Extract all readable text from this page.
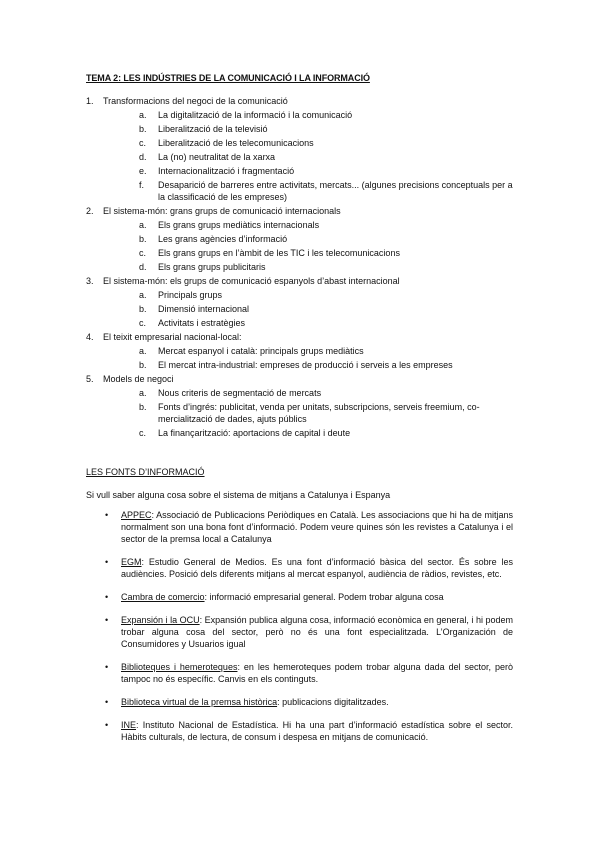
TEMA 2: LES INDÚSTRIES DE LA COMUNICACIÓ I LA INFORMACIÓ
1. Transformacions del negoci de la comunicació
a. La digitalització de la informació i la comunicació
b. Liberalització de la televisió
c. Liberalització de les telecomunicacions
d. La (no) neutralitat de la xarxa
e. Internacionalització i fragmentació
f. Desaparició de barreres entre activitats, mercats... (algunes precisions conceptuals per a la classificació de les empreses)
2. El sistema-món: grans grups de comunicació internacionals
a. Els grans grups mediàtics internacionals
b. Les grans agències d’informació
c. Els grans grups en l’àmbit de les TIC i les telecomunicacions
d. Els grans grups publicitaris
3. El sistema-món: els grups de comunicació espanyols d’abast internacional
a. Principals grups
b. Dimensió internacional
c. Activitats i estratègies
4. El teixit empresarial nacional-local:
a. Mercat espanyol i català: principals grups mediàtics
b. El mercat intra-industrial: empreses de producció i serveis a les empreses
5. Models de negoci
a. Nous criteris de segmentació de mercats
b. Fonts d’ingrés: publicitat, venda per unitats, subscripcions, serveis freemium, co-mercialització de dades, ajuts públics
c. La finançarització: aportacions de capital i deute
LES FONTS D’INFORMACIÓ
Si vull saber alguna cosa sobre el sistema de mitjans a Catalunya i Espanya
• APPEC: Associació de Publicacions Periòdiques en Català. Les associacions que hi ha de mitjans normalment son una bona font d’informació. Podem veure quines són les revistes a Catalunya i el sector de la premsa local a Catalunya
• EGM: Estudio General de Medios. Es una font d’informació bàsica del sector. És sobre les audiències. Posició dels diferents mitjans al mercat espanyol, audiència de ràdios, revistes, etc.
• Cambra de comercio: informació empresarial general. Podem trobar alguna cosa
• Expansión i la OCU: Expansión publica alguna cosa, informació econòmica en general, i hi podem trobar alguna cosa del sector, però no és una font especialitzada. L’Organización de Consumidores y Usuarios igual
• Biblioteques i hemeroteques: en les hemeroteques podem trobar alguna dada del sector, però tampoc no és específic. Canvis en els continguts.
• Biblioteca virtual de la premsa històrica: publicacions digitalitzades.
• INE: Instituto Nacional de Estadística. Hi ha una part d’informació estadística sobre el sector. Hàbits culturals, de lectura, de consum i despesa en mitjans de comunicació.
